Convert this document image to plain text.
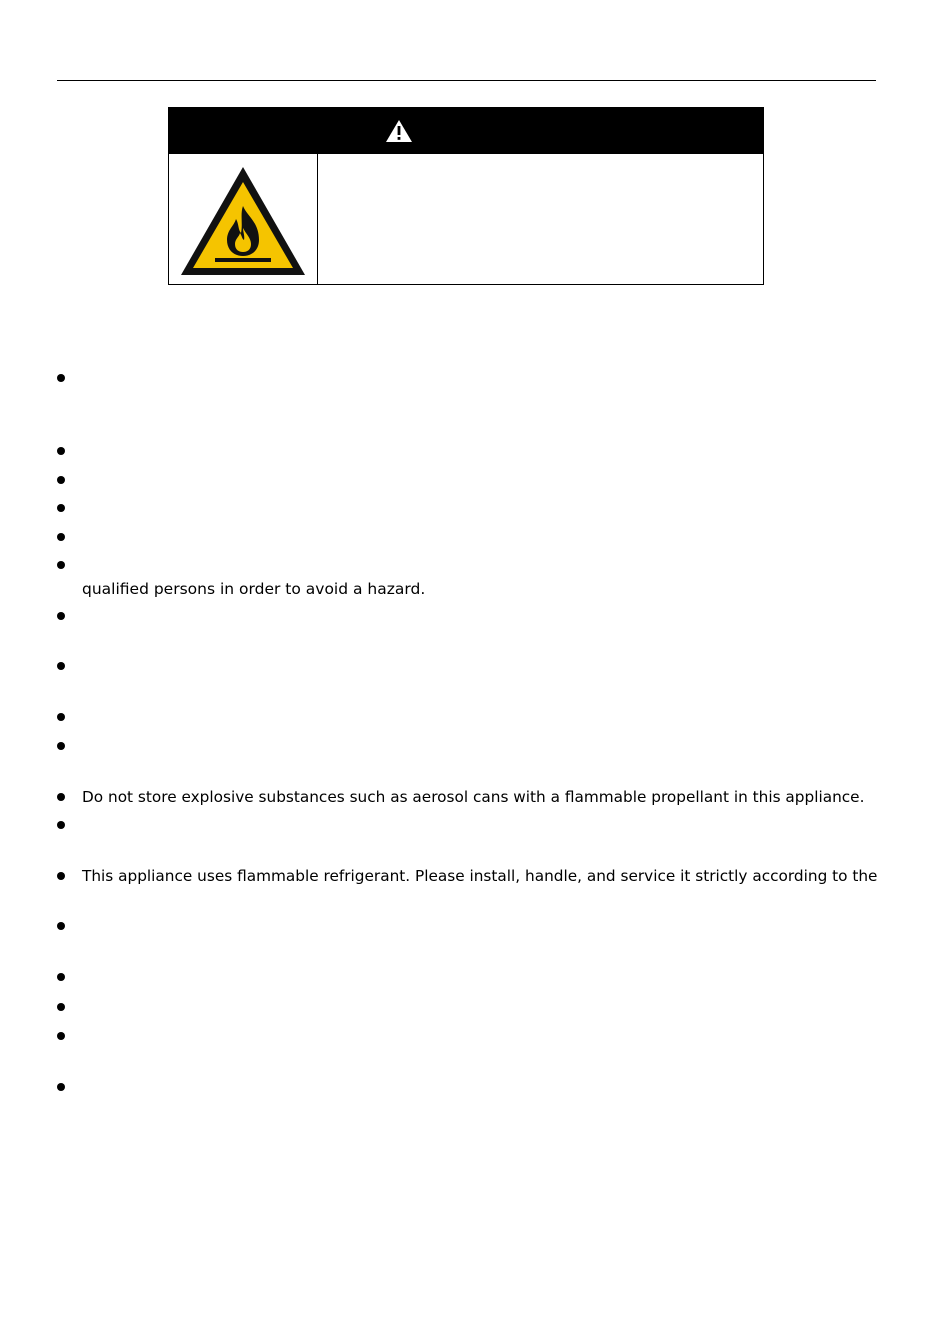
qualified persons in order to avoid a hazard.

Do not store explosive substances such as aerosol cans with a flammable propellant in this appliance.

This appliance uses flammable refrigerant. Please install, handle, and service it strictly according to the
